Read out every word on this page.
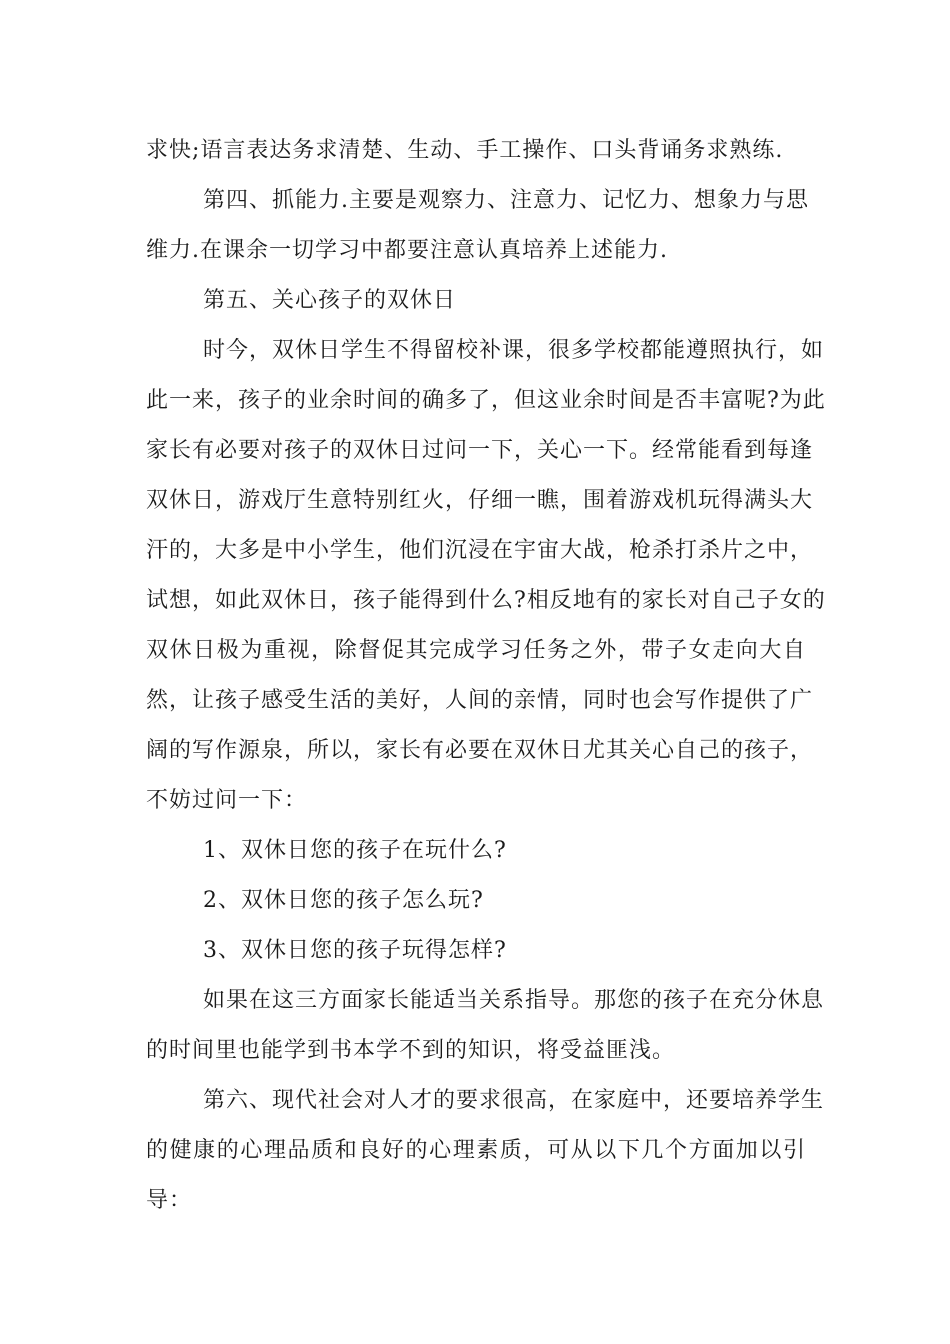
求快;语言表达务求清楚、生动、手工操作、口头背诵务求熟练.
第四、抓能力.主要是观察力、注意力、记忆力、想象力与思
维力.在课余一切学习中都要注意认真培养上述能力.
第五、关心孩子的双休日
时今，双休日学生不得留校补课，很多学校都能遵照执行，如
此一来，孩子的业余时间的确多了，但这业余时间是否丰富呢?为此
家长有必要对孩子的双休日过问一下，关心一下。经常能看到每逢
双休日，游戏厅生意特别红火，仔细一瞧，围着游戏机玩得满头大
汗的，大多是中小学生，他们沉浸在宇宙大战，枪杀打杀片之中，
试想，如此双休日，孩子能得到什么?相反地有的家长对自己子女的
双休日极为重视，除督促其完成学习任务之外，带子女走向大自
然，让孩子感受生活的美好，人间的亲情，同时也会写作提供了广
阔的写作源泉，所以，家长有必要在双休日尤其关心自己的孩子，
不妨过问一下：
1、双休日您的孩子在玩什么?
2、双休日您的孩子怎么玩?
3、双休日您的孩子玩得怎样?
如果在这三方面家长能适当关系指导。那您的孩子在充分休息
的时间里也能学到书本学不到的知识，将受益匪浅。
第六、现代社会对人才的要求很高，在家庭中，还要培养学生
的健康的心理品质和良好的心理素质，可从以下几个方面加以引
导：
